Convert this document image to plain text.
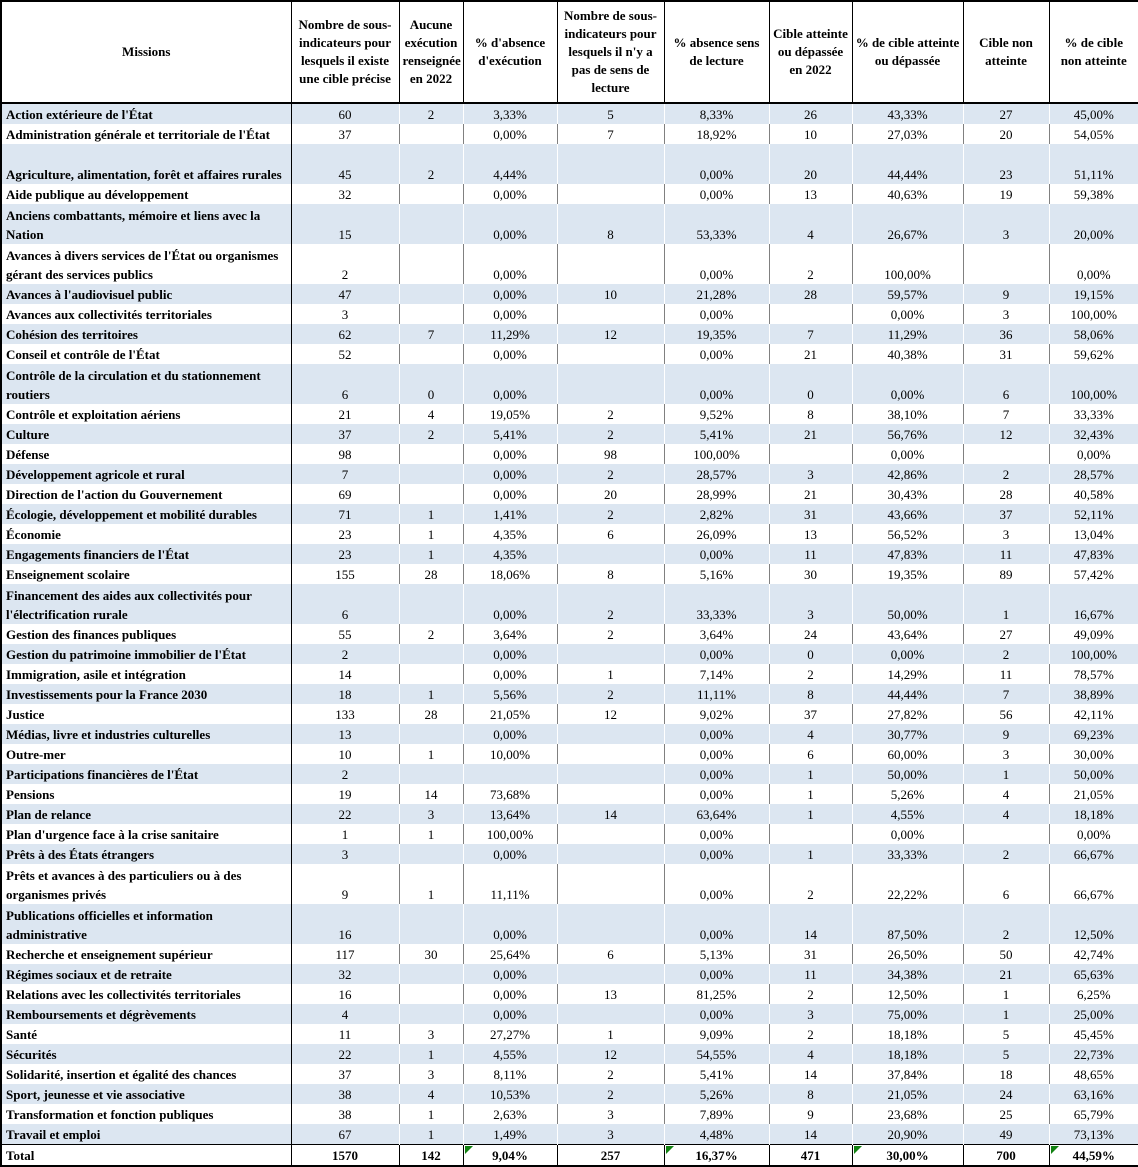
Missions	Nombre de sous-indicateurs pour lesquels il existe une cible précise	Aucune exécution renseignée en 2022	% d'absence d'exécution	Nombre de sous-indicateurs pour lesquels il n'y a pas de sens de lecture	% absence sens de lecture	Cible atteinte ou dépassée en 2022	% de cible atteinte ou dépassée	Cible non atteinte	% de cible non atteinte
Action extérieure de l'État	60	2	3,33%	5	8,33%	26	43,33%	27	45,00%
Administration générale et territoriale de l'État	37		0,00%	7	18,92%	10	27,03%	20	54,05%
Agriculture, alimentation, forêt et affaires rurales	45	2	4,44%		0,00%	20	44,44%	23	51,11%
Aide publique au développement	32		0,00%		0,00%	13	40,63%	19	59,38%
Anciens combattants, mémoire et liens avec la Nation	15		0,00%	8	53,33%	4	26,67%	3	20,00%
Avances à divers services de l'État ou organismes gérant des services publics	2		0,00%		0,00%	2	100,00%		0,00%
Avances à l'audiovisuel public	47		0,00%	10	21,28%	28	59,57%	9	19,15%
Avances aux collectivités territoriales	3		0,00%		0,00%		0,00%	3	100,00%
Cohésion des territoires	62	7	11,29%	12	19,35%	7	11,29%	36	58,06%
Conseil et contrôle de l'État	52		0,00%		0,00%	21	40,38%	31	59,62%
Contrôle de la circulation et du stationnement routiers	6	0	0,00%		0,00%	0	0,00%	6	100,00%
Contrôle et exploitation aériens	21	4	19,05%	2	9,52%	8	38,10%	7	33,33%
Culture	37	2	5,41%	2	5,41%	21	56,76%	12	32,43%
Défense	98		0,00%	98	100,00%		0,00%		0,00%
Développement agricole et rural	7		0,00%	2	28,57%	3	42,86%	2	28,57%
Direction de l'action du Gouvernement	69		0,00%	20	28,99%	21	30,43%	28	40,58%
Écologie, développement et mobilité durables	71	1	1,41%	2	2,82%	31	43,66%	37	52,11%
Économie	23	1	4,35%	6	26,09%	13	56,52%	3	13,04%
Engagements financiers de l'État	23	1	4,35%		0,00%	11	47,83%	11	47,83%
Enseignement scolaire	155	28	18,06%	8	5,16%	30	19,35%	89	57,42%
Financement des aides aux collectivités pour l'électrification rurale	6		0,00%	2	33,33%	3	50,00%	1	16,67%
Gestion des finances publiques	55	2	3,64%	2	3,64%	24	43,64%	27	49,09%
Gestion du patrimoine immobilier de l'État	2		0,00%		0,00%	0	0,00%	2	100,00%
Immigration, asile et intégration	14		0,00%	1	7,14%	2	14,29%	11	78,57%
Investissements pour la France 2030	18	1	5,56%	2	11,11%	8	44,44%	7	38,89%
Justice	133	28	21,05%	12	9,02%	37	27,82%	56	42,11%
Médias, livre et industries culturelles	13		0,00%		0,00%	4	30,77%	9	69,23%
Outre-mer	10	1	10,00%		0,00%	6	60,00%	3	30,00%
Participations financières de l'État	2				0,00%	1	50,00%	1	50,00%
Pensions	19	14	73,68%		0,00%	1	5,26%	4	21,05%
Plan de relance	22	3	13,64%	14	63,64%	1	4,55%	4	18,18%
Plan d'urgence face à la crise sanitaire	1	1	100,00%		0,00%		0,00%		0,00%
Prêts à des États étrangers	3		0,00%		0,00%	1	33,33%	2	66,67%
Prêts et avances à des particuliers ou à des organismes privés	9	1	11,11%		0,00%	2	22,22%	6	66,67%
Publications officielles et information administrative	16		0,00%		0,00%	14	87,50%	2	12,50%
Recherche et enseignement supérieur	117	30	25,64%	6	5,13%	31	26,50%	50	42,74%
Régimes sociaux et de retraite	32		0,00%		0,00%	11	34,38%	21	65,63%
Relations avec les collectivités territoriales	16		0,00%	13	81,25%	2	12,50%	1	6,25%
Remboursements et dégrèvements	4		0,00%		0,00%	3	75,00%	1	25,00%
Santé	11	3	27,27%	1	9,09%	2	18,18%	5	45,45%
Sécurités	22	1	4,55%	12	54,55%	4	18,18%	5	22,73%
Solidarité, insertion et égalité des chances	37	3	8,11%	2	5,41%	14	37,84%	18	48,65%
Sport, jeunesse et vie associative	38	4	10,53%	2	5,26%	8	21,05%	24	63,16%
Transformation et fonction publiques	38	1	2,63%	3	7,89%	9	23,68%	25	65,79%
Travail et emploi	67	1	1,49%	3	4,48%	14	20,90%	49	73,13%
Total	1570	142	9,04%	257	16,37%	471	30,00%	700	44,59%
